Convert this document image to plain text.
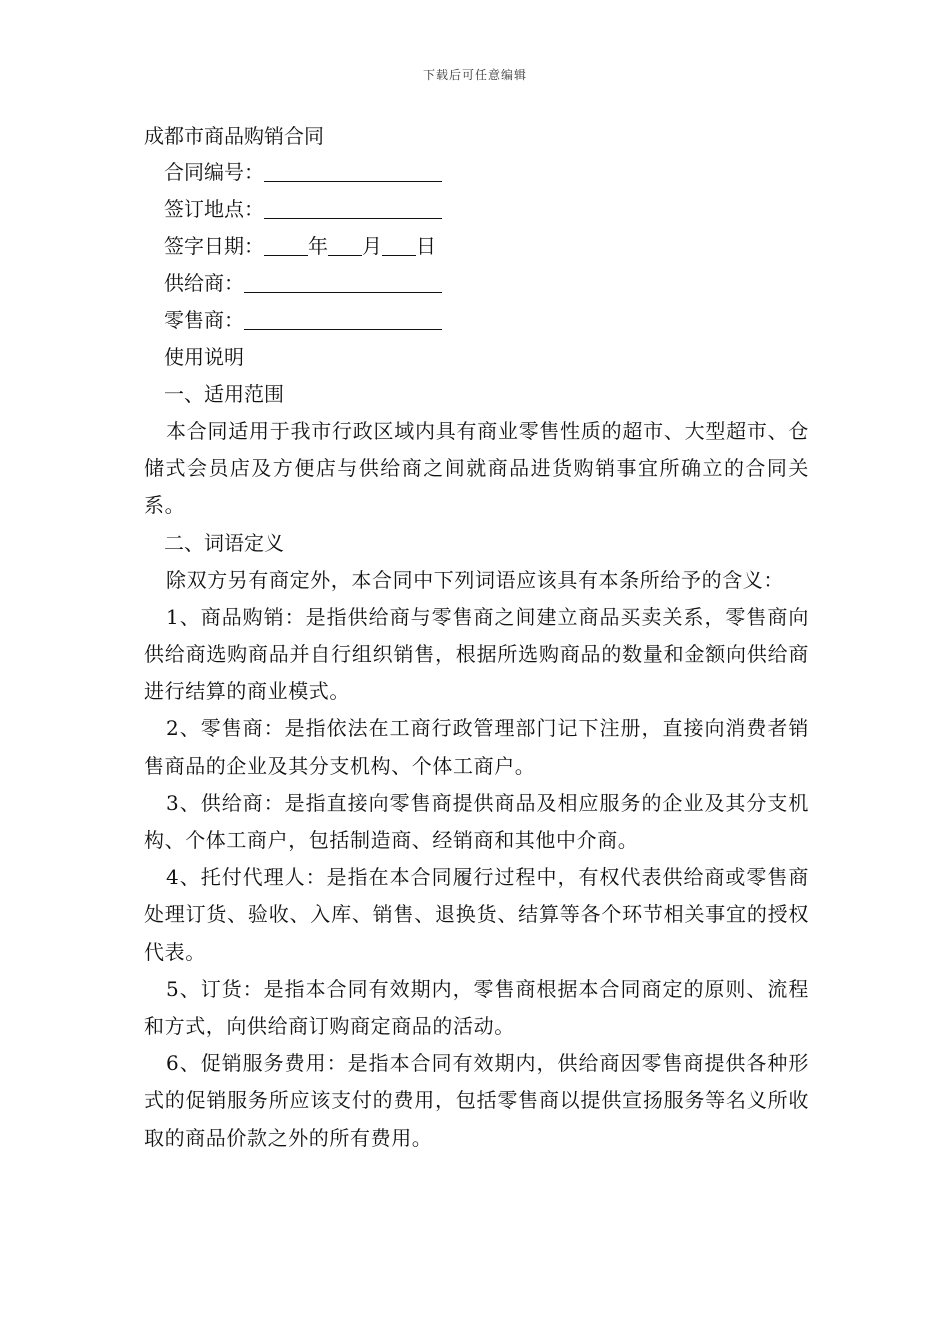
下载后可任意编辑

成都市商品购销合同

合同编号：

签订地点：

签字日期： 年 月 日

供给商：

零售商：

使用说明

一、适用范围

本合同适用于我市行政区域内具有商业零售性质的超市、大型超市、仓储式会员店及方便店与供给商之间就商品进货购销事宜所确立的合同关系。

二、词语定义

除双方另有商定外，本合同中下列词语应该具有本条所给予的含义：

1、商品购销：是指供给商与零售商之间建立商品买卖关系，零售商向供给商选购商品并自行组织销售，根据所选购商品的数量和金额向供给商进行结算的商业模式。

2、零售商：是指依法在工商行政管理部门记下注册，直接向消费者销售商品的企业及其分支机构、个体工商户。

3、供给商：是指直接向零售商提供商品及相应服务的企业及其分支机构、个体工商户，包括制造商、经销商和其他中介商。

4、托付代理人：是指在本合同履行过程中，有权代表供给商或零售商处理订货、验收、入库、销售、退换货、结算等各个环节相关事宜的授权代表。

5、订货：是指本合同有效期内，零售商根据本合同商定的原则、流程和方式，向供给商订购商定商品的活动。

6、促销服务费用：是指本合同有效期内，供给商因零售商提供各种形式的促销服务所应该支付的费用，包括零售商以提供宣扬服务等名义所收取的商品价款之外的所有费用。
